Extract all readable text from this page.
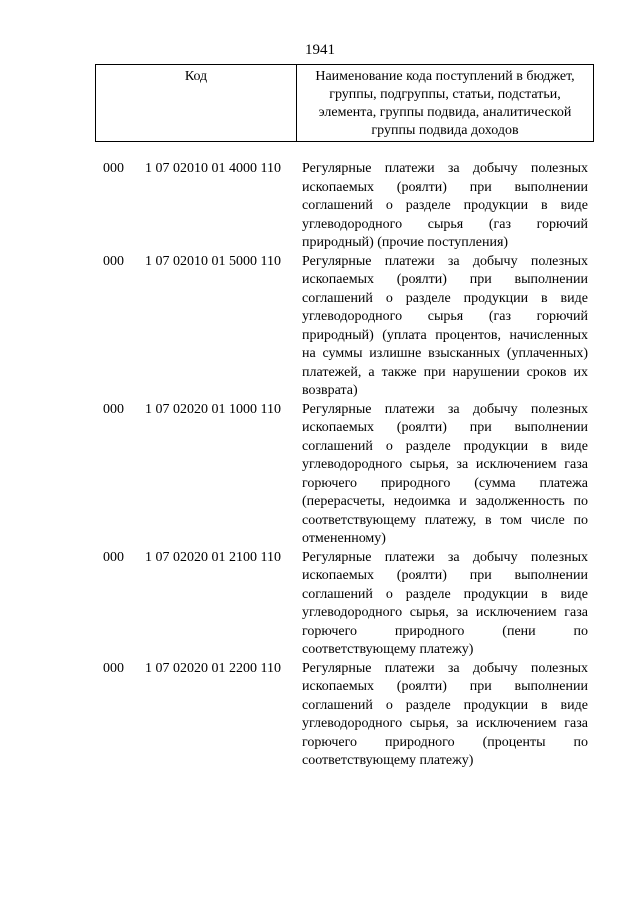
1941
Код	Наименование кода поступлений в бюджет, группы, подгруппы, статьи, подстатьи, элемента, группы подвида, аналитической группы подвида доходов
000	1 07 02010 01 4000 110	Регулярные платежи за добычу полезных ископаемых (роялти) при выполнении соглашений о разделе продукции в виде углеводородного сырья (газ горючий природный) (прочие поступления)
000	1 07 02010 01 5000 110	Регулярные платежи за добычу полезных ископаемых (роялти) при выполнении соглашений о разделе продукции в виде углеводородного сырья (газ горючий природный) (уплата процентов, начисленных на суммы излишне взысканных (уплаченных) платежей, а также при нарушении сроков их возврата)
000	1 07 02020 01 1000 110	Регулярные платежи за добычу полезных ископаемых (роялти) при выполнении соглашений о разделе продукции в виде углеводородного сырья, за исключением газа горючего природного (сумма платежа (перерасчеты, недоимка и задолженность по соответствующему платежу, в том числе по отмененному)
000	1 07 02020 01 2100 110	Регулярные платежи за добычу полезных ископаемых (роялти) при выполнении соглашений о разделе продукции в виде углеводородного сырья, за исключением газа горючего природного (пени по соответствующему платежу)
000	1 07 02020 01 2200 110	Регулярные платежи за добычу полезных ископаемых (роялти) при выполнении соглашений о разделе продукции в виде углеводородного сырья, за исключением газа горючего природного (проценты по соответствующему платежу)
